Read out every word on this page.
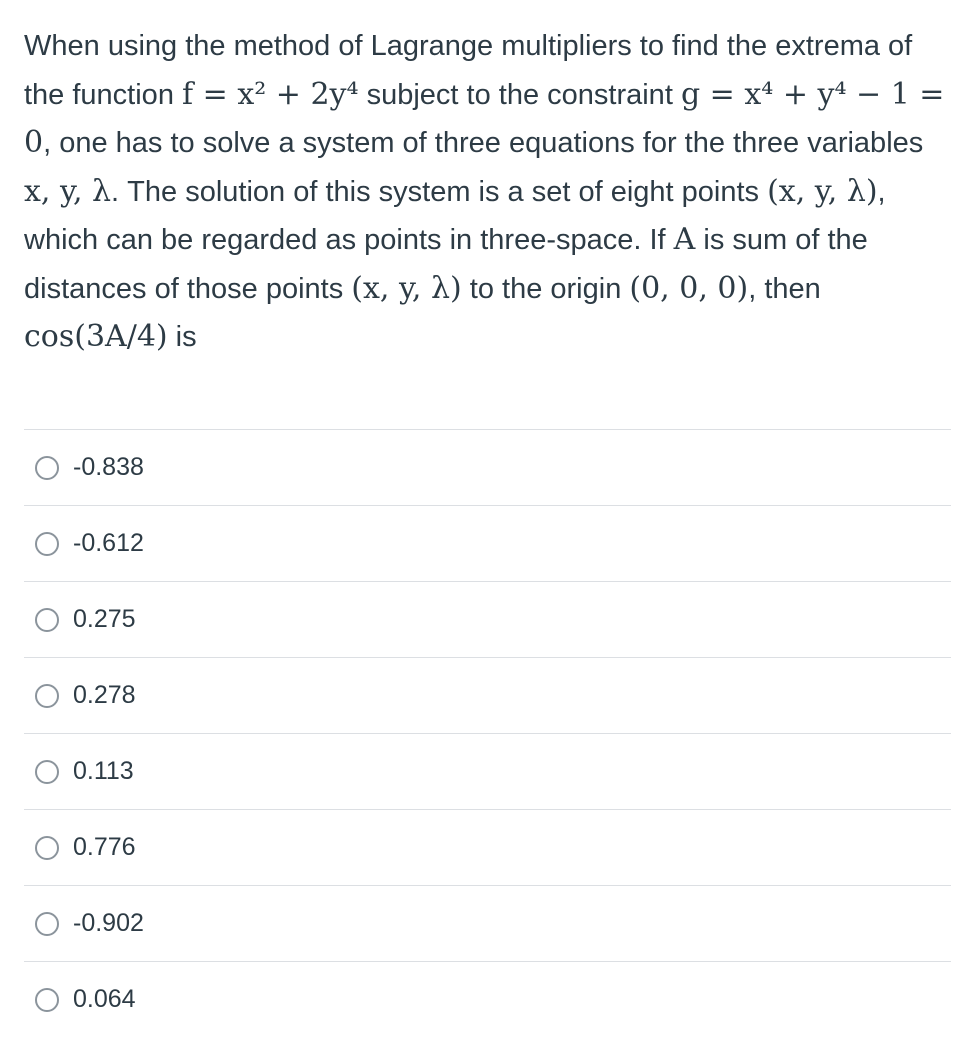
When using the method of Lagrange multipliers to find the extrema of the function f = x² + 2y⁴ subject to the constraint g = x⁴ + y⁴ − 1 = 0, one has to solve a system of three equations for the three variables x, y, λ. The solution of this system is a set of eight points (x, y, λ), which can be regarded as points in three-space. If A is sum of the distances of those points (x, y, λ) to the origin (0, 0, 0), then cos(3A/4) is
-0.838
-0.612
0.275
0.278
0.113
0.776
-0.902
0.064
